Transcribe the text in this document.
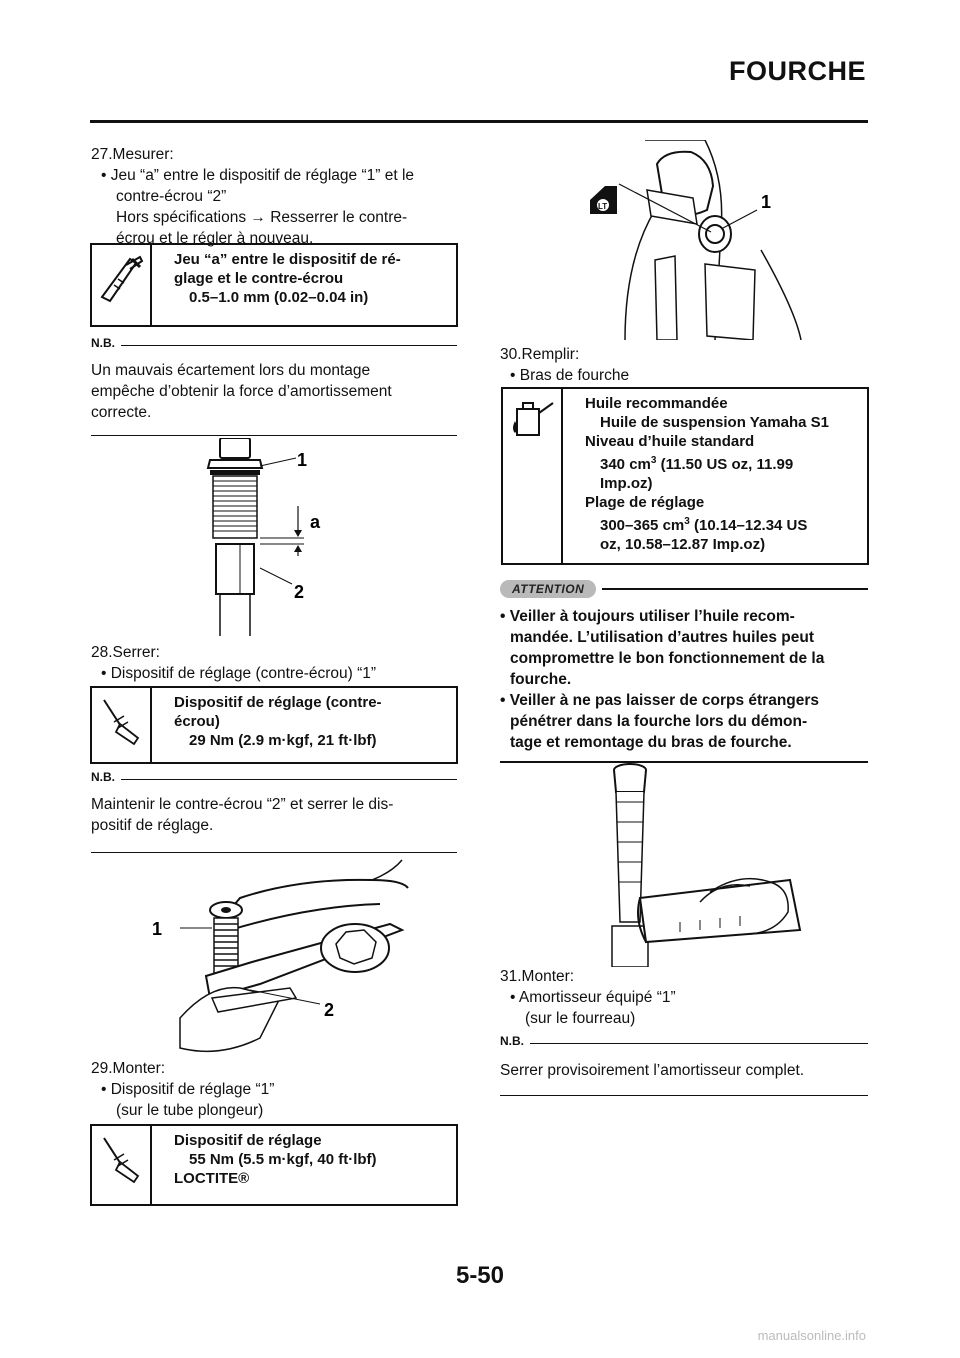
FOURCHE

27.Mesurer:

• Jeu “a” entre le dispositif de réglage “1” et le

contre-écrou “2”

Hors spécifications → Resserrer le contre-

écrou et le régler à nouveau.

Jeu “a” entre le dispositif de ré-
glage et le contre-écrou
0.5–1.0 mm (0.02–0.04 in)
N.B.

Un mauvais écartement lors du montage

empêche d’obtenir la force d’amortissement

correcte.

1
a
2

28.Serrer:

• Dispositif de réglage (contre-écrou) “1”

Dispositif de réglage (contre-
écrou)
29 Nm (2.9 m·kgf, 21 ft·lbf)
N.B.

Maintenir le contre-écrou “2” et serrer le dis-

positif de réglage.

1
2

29.Monter:

• Dispositif de réglage “1”

(sur le tube plongeur)

Dispositif de réglage
55 Nm (5.5 m·kgf, 40 ft·lbf)
LOCTITE®
LT	1

30.Remplir:

• Bras de fourche

Huile recommandée
Huile de suspension Yamaha S1
Niveau d’huile standard
340 $cm^3$ (11.50 US oz, 11.99
Imp.oz)
Plage de réglage
300–365 $cm^3$ (10.14–12.34 US
oz, 10.58–12.87 Imp.oz)
ATTENTION

• Veiller à toujours utiliser l’huile recom-

mandée. L’utilisation d’autres huiles peut

compromettre le bon fonctionnement de la

fourche.

• Veiller à ne pas laisser de corps étrangers

pénétrer dans la fourche lors du démon-

tage et remontage du bras de fourche.

31.Monter:

• Amortisseur équipé “1”

(sur le fourreau)

N.B.

Serrer provisoirement l’amortisseur complet.

5-50
manualsonline.info
